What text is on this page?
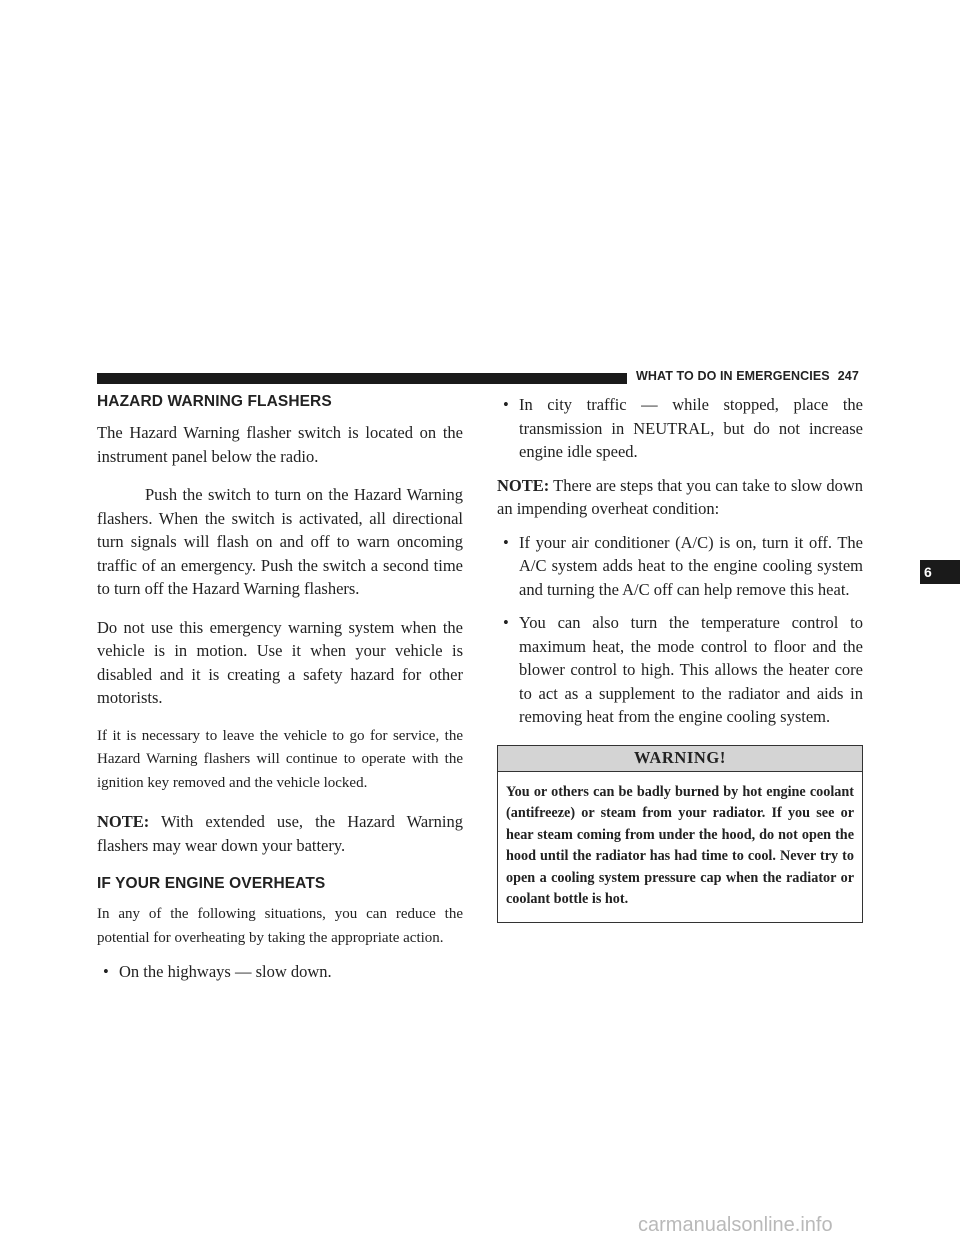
WHAT TO DO IN EMERGENCIES 247
HAZARD WARNING FLASHERS

The Hazard Warning flasher switch is located on the instrument panel below the radio.

Push the switch to turn on the Hazard Warning flashers. When the switch is activated, all directional turn signals will flash on and off to warn oncoming traffic of an emergency. Push the switch a second time to turn off the Hazard Warning flashers.

Do not use this emergency warning system when the vehicle is in motion. Use it when your vehicle is disabled and it is creating a safety hazard for other motorists.

If it is necessary to leave the vehicle to go for service, the Hazard Warning flashers will continue to operate with the ignition key removed and the vehicle locked.

NOTE: With extended use, the Hazard Warning flashers may wear down your battery.

IF YOUR ENGINE OVERHEATS

In any of the following situations, you can reduce the potential for overheating by taking the appropriate action.

• On the highways — slow down.
• In city traffic — while stopped, place the transmission in NEUTRAL, but do not increase engine idle speed.

NOTE: There are steps that you can take to slow down an impending overheat condition:

• If your air conditioner (A/C) is on, turn it off. The A/C system adds heat to the engine cooling system and turning the A/C off can help remove this heat.
• You can also turn the temperature control to maximum heat, the mode control to floor and the blower control to high. This allows the heater core to act as a supplement to the radiator and aids in removing heat from the engine cooling system.
WARNING!
You or others can be badly burned by hot engine coolant (antifreeze) or steam from your radiator. If you see or hear steam coming from under the hood, do not open the hood until the radiator has had time to cool. Never try to open a cooling system pressure cap when the radiator or coolant bottle is hot.
6
carmanualsonline.info
